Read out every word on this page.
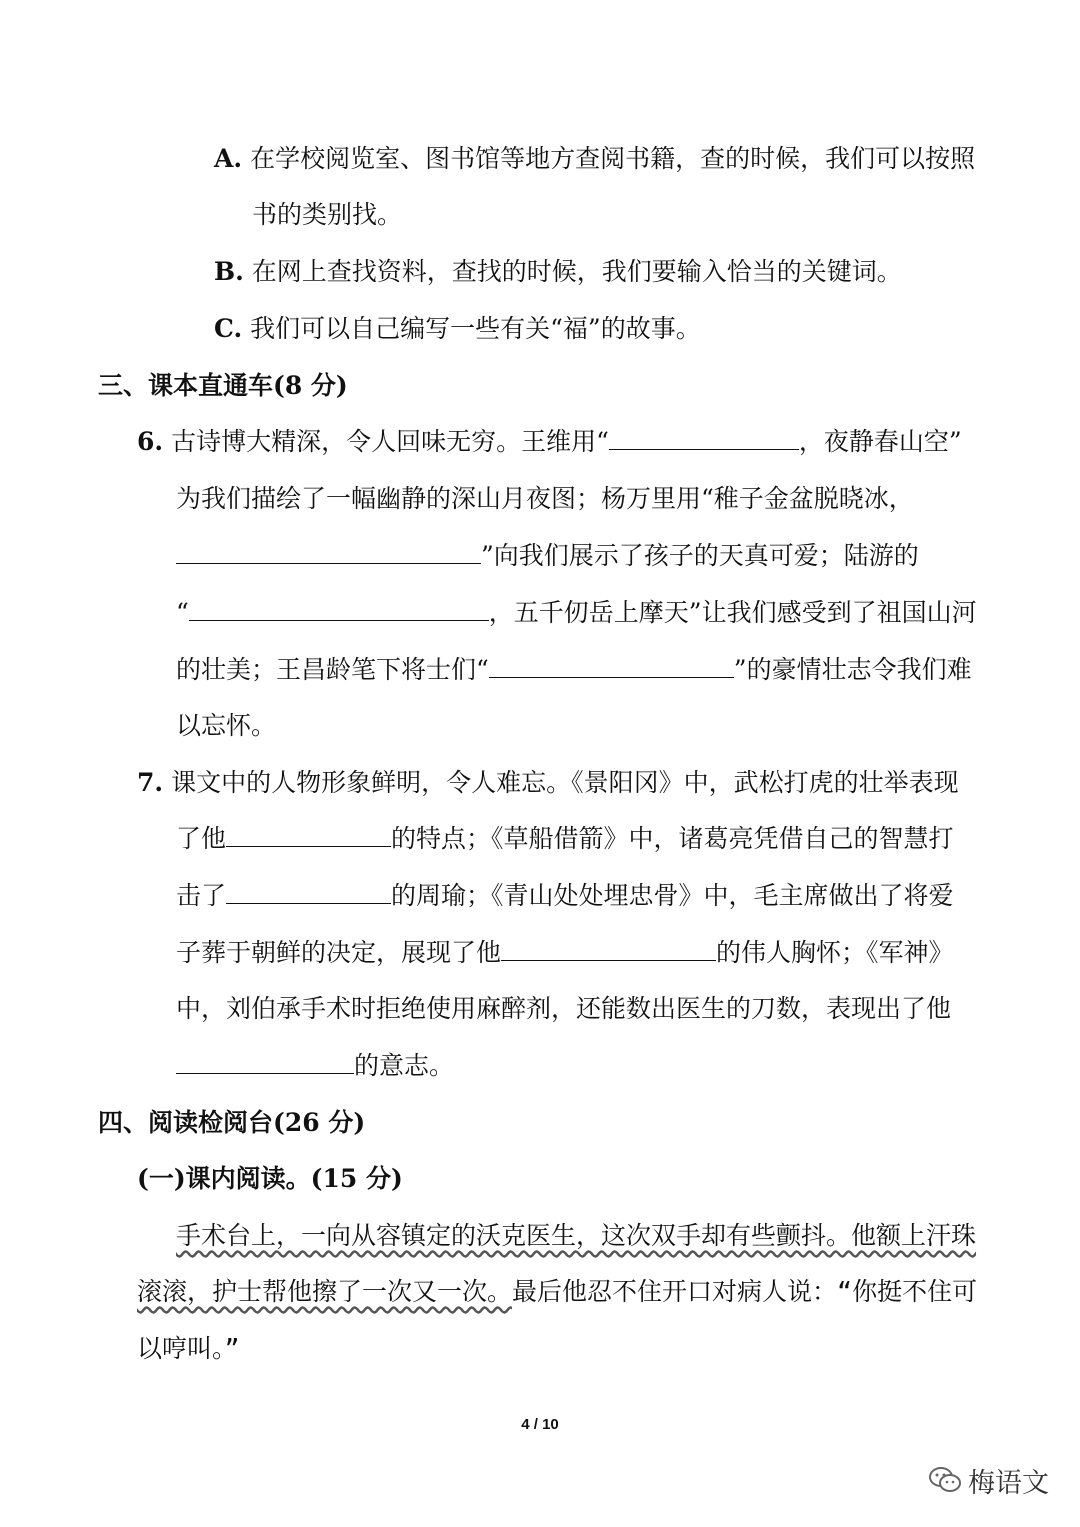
A. 在学校阅览室、图书馆等地方查阅书籍，查的时候，我们可以按照
书的类别找。
B. 在网上查找资料，查找的时候，我们要输入恰当的关键词。
C. 我们可以自己编写一些有关“福”的故事。
三、课本直通车(8 分)
6. 古诗博大精深，令人回味无穷。王维用“	，夜静春山空”
为我们描绘了一幅幽静的深山月夜图；杨万里用“稚子金盆脱晓冰，
”向我们展示了孩子的天真可爱；陆游的
“	，五千仞岳上摩天”让我们感受到了祖国山河
的壮美；王昌龄笔下将士们“	”的豪情壮志令我们难
以忘怀。
7. 课文中的人物形象鲜明，令人难忘。《景阳冈》中，武松打虎的壮举表现
了他	的特点；《草船借箭》中，诸葛亮凭借自己的智慧打
击了	的周瑜；《青山处处埋忠骨》中，毛主席做出了将爱
子葬于朝鲜的决定，展现了他	的伟人胸怀；《军神》
中，刘伯承手术时拒绝使用麻醉剂，还能数出医生的刀数，表现出了他
的意志。
四、阅读检阅台(26 分)
(一)课内阅读。(15 分)
手术台上，一向从容镇定的沃克医生，这次双手却有些颤抖。他额上汗珠
滚滚，护士帮他擦了一次又一次。最后他忍不住开口对病人说：“你挺不住可
以哼叫。”
4 / 10
梅语文
